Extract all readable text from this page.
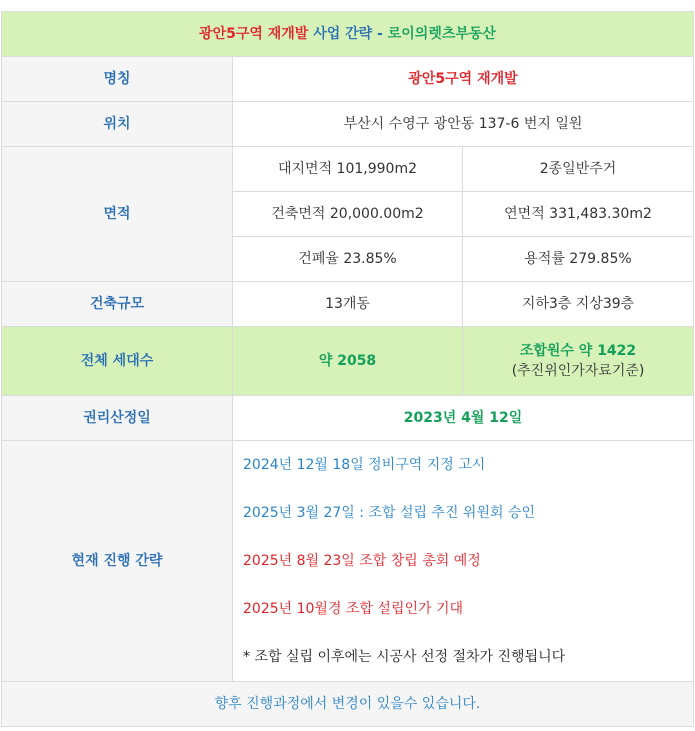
광안5구역 재개발 사업 간략 - 로이의렛츠부동산		
명칭	광안5구역 재개발	
위치	부산시 수영구 광안동 137-6 번지 일원	
면적	대지면적 101,990m2	2종일반주거
	건축면적 20,000.00m2	연면적 331,483.30m2
	건폐율 23.85%	용적률 279.85%
건축규모	13개동	지하3층 지상39층
전체 세대수	약 2058	조합원수 약 1422
(추진위인가자료기준)

권리산정일	2023년 4월 12일	
현재 진행 간략	2024년 12월 18일 정비구역 지정 고시
2025년 3월 27일 : 조합 설립 추진 위원회 승인
2025년 8월 23일 조합 창립 총회 예정
2025년 10월경 조합 설립인가 기대
* 조합 실립 이후에는 시공사 선정 절차가 진행됩니다	

향후 진행과정에서 변경이 있을수 있습니다.		
